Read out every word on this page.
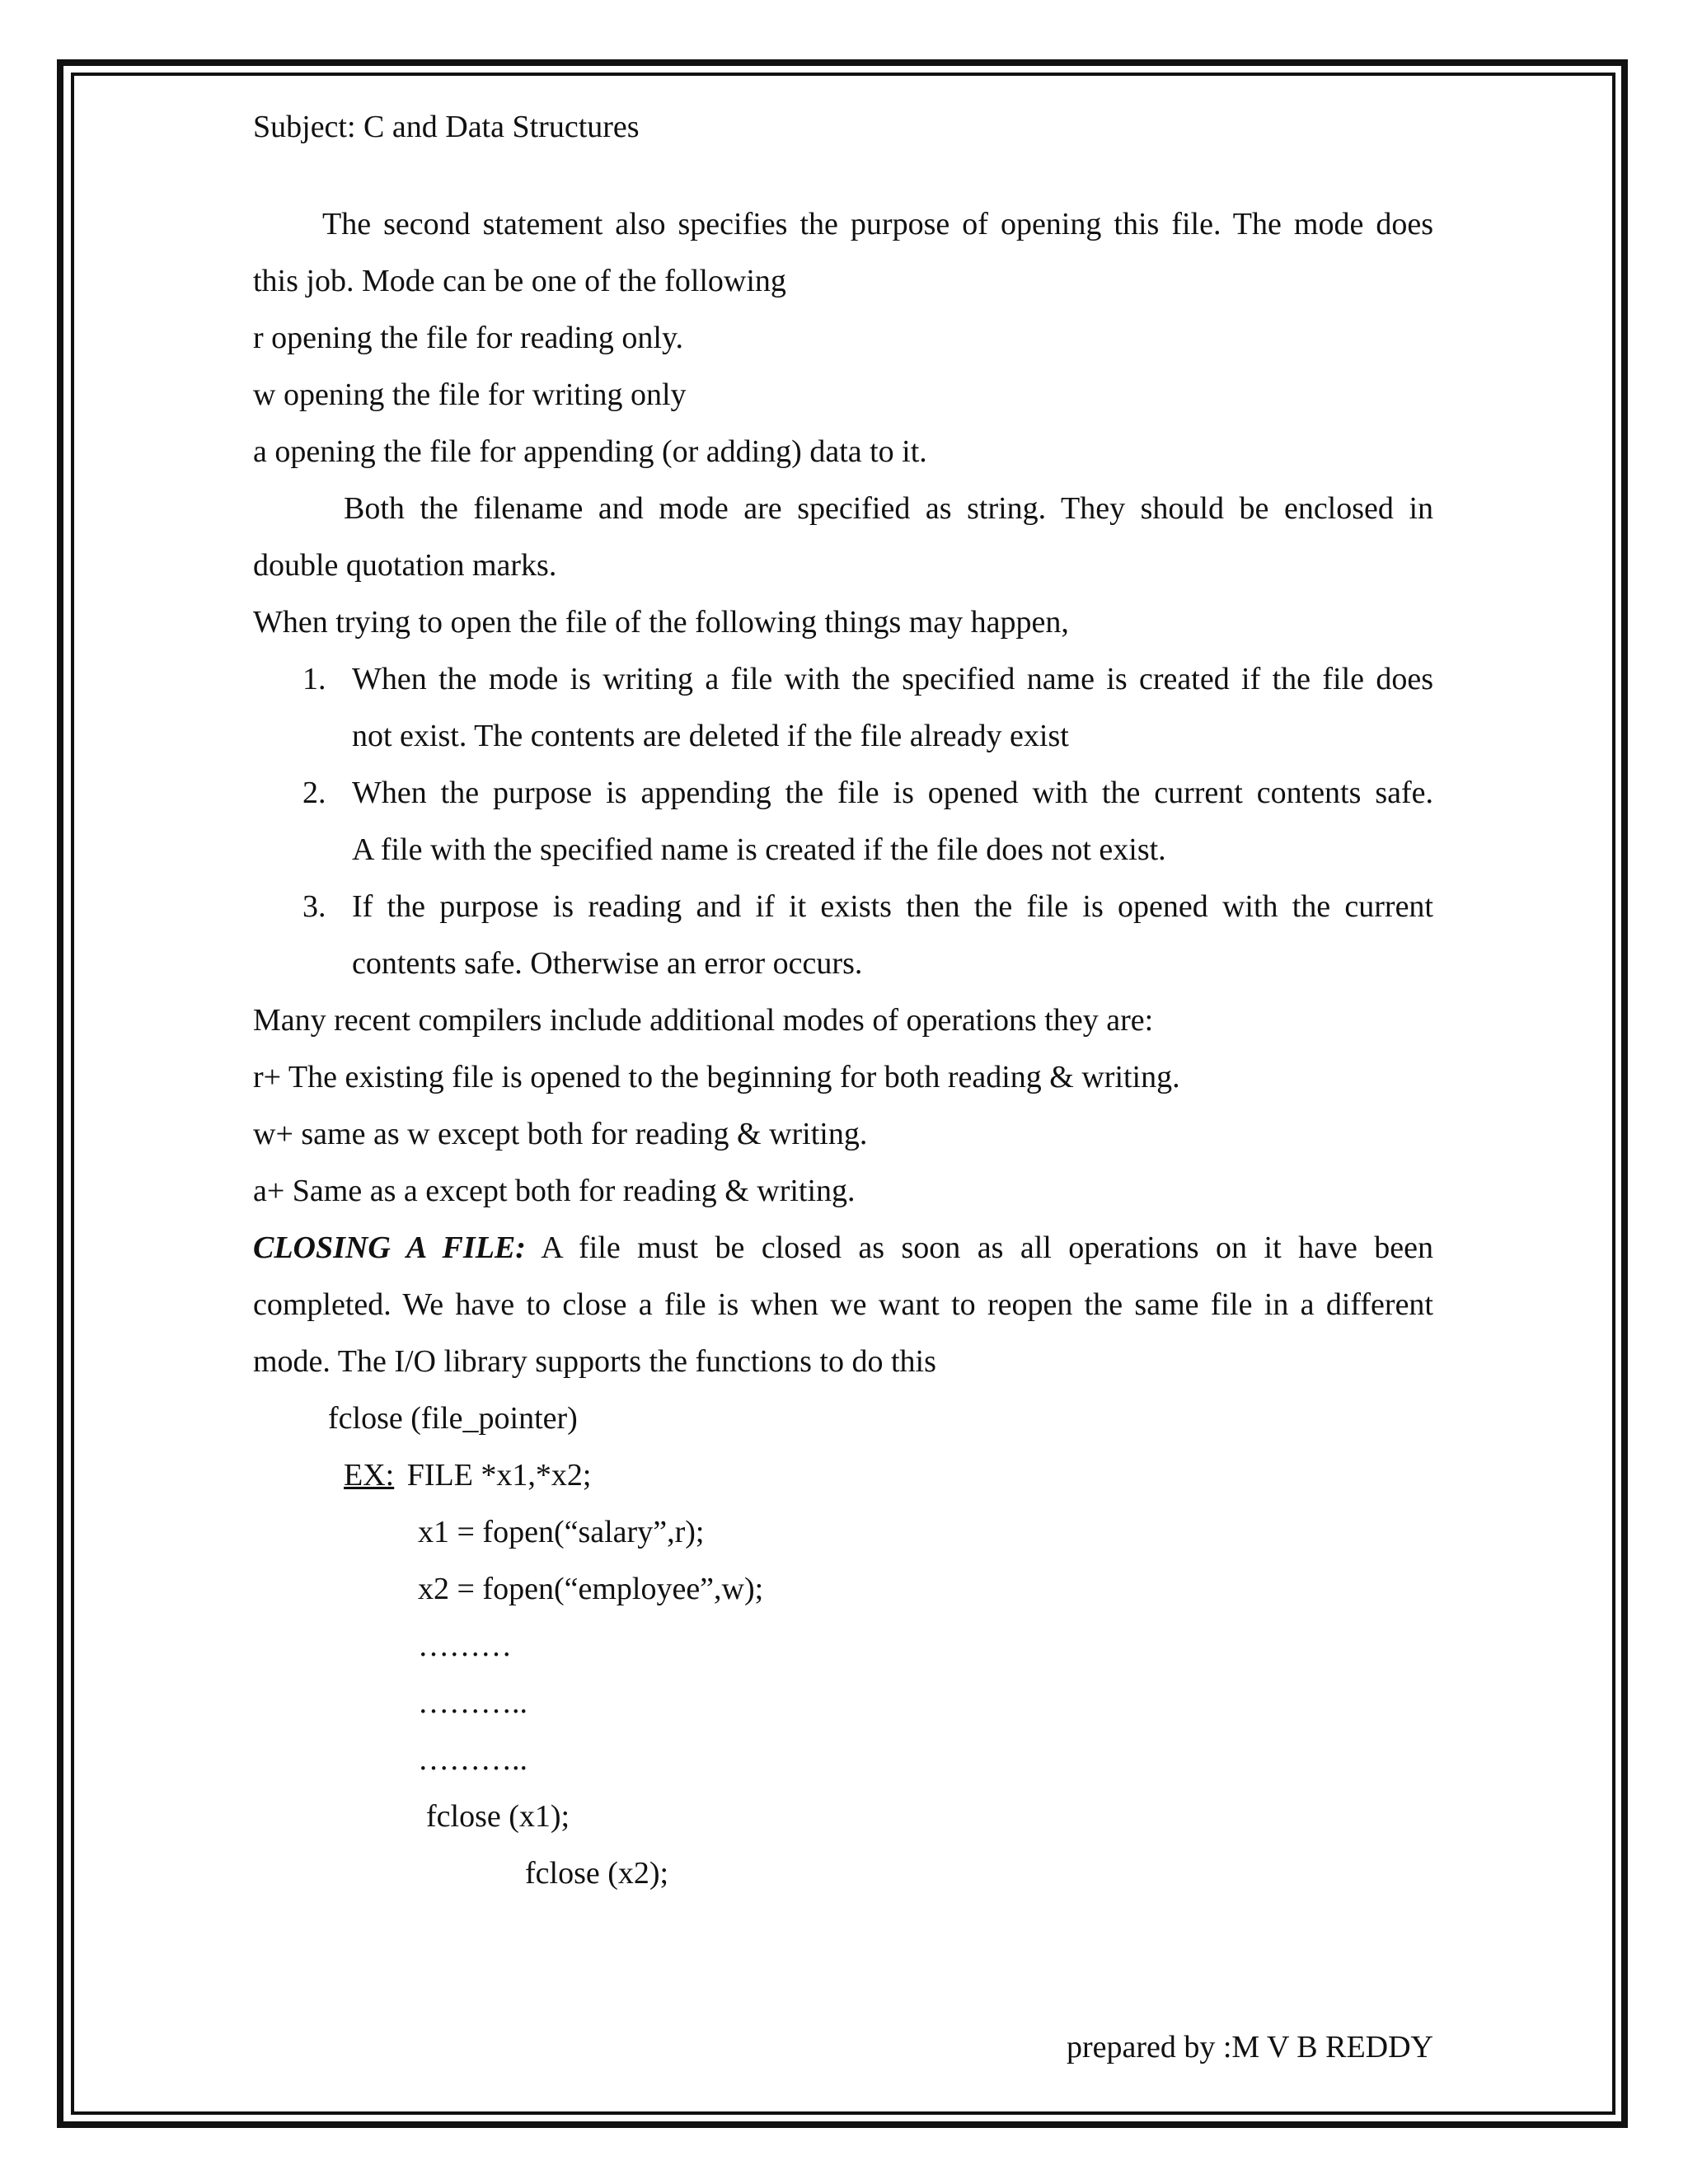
Subject: C and Data Structures
The second statement also specifies the purpose of opening this file. The mode does
this job. Mode can be one of the following
r opening the file for reading only.
w opening the file for writing only
a opening the file for appending (or adding) data to it.
Both the filename and mode are specified as string. They should be enclosed in
double quotation marks.
When trying to open the file of the following things may happen,
1. When the mode is writing a file with the specified name is created if the file does
not exist. The contents are deleted if the file already exist
2. When the purpose is appending the file is opened with the current contents safe.
A file with the specified name is created if the file does not exist.
3. If the purpose is reading and if it exists then the file is opened with the current
contents safe. Otherwise an error occurs.
Many recent compilers include additional modes of operations they are:
r+ The existing file is opened to the beginning for both reading & writing.
w+ same as w except both for reading & writing.
a+ Same as a except both for reading & writing.
CLOSING A FILE: A file must be closed as soon as all operations on it have been
completed. We have to close a file is when we want to reopen the same file in a different
mode. The I/O library supports the functions to do this
fclose (file_pointer)
EX: FILE *x1,*x2;
x1 = fopen(“salary”,r);
x2 = fopen(“employee”,w);
………
………..
………..
fclose (x1);
fclose (x2);
prepared by :M V B REDDY
